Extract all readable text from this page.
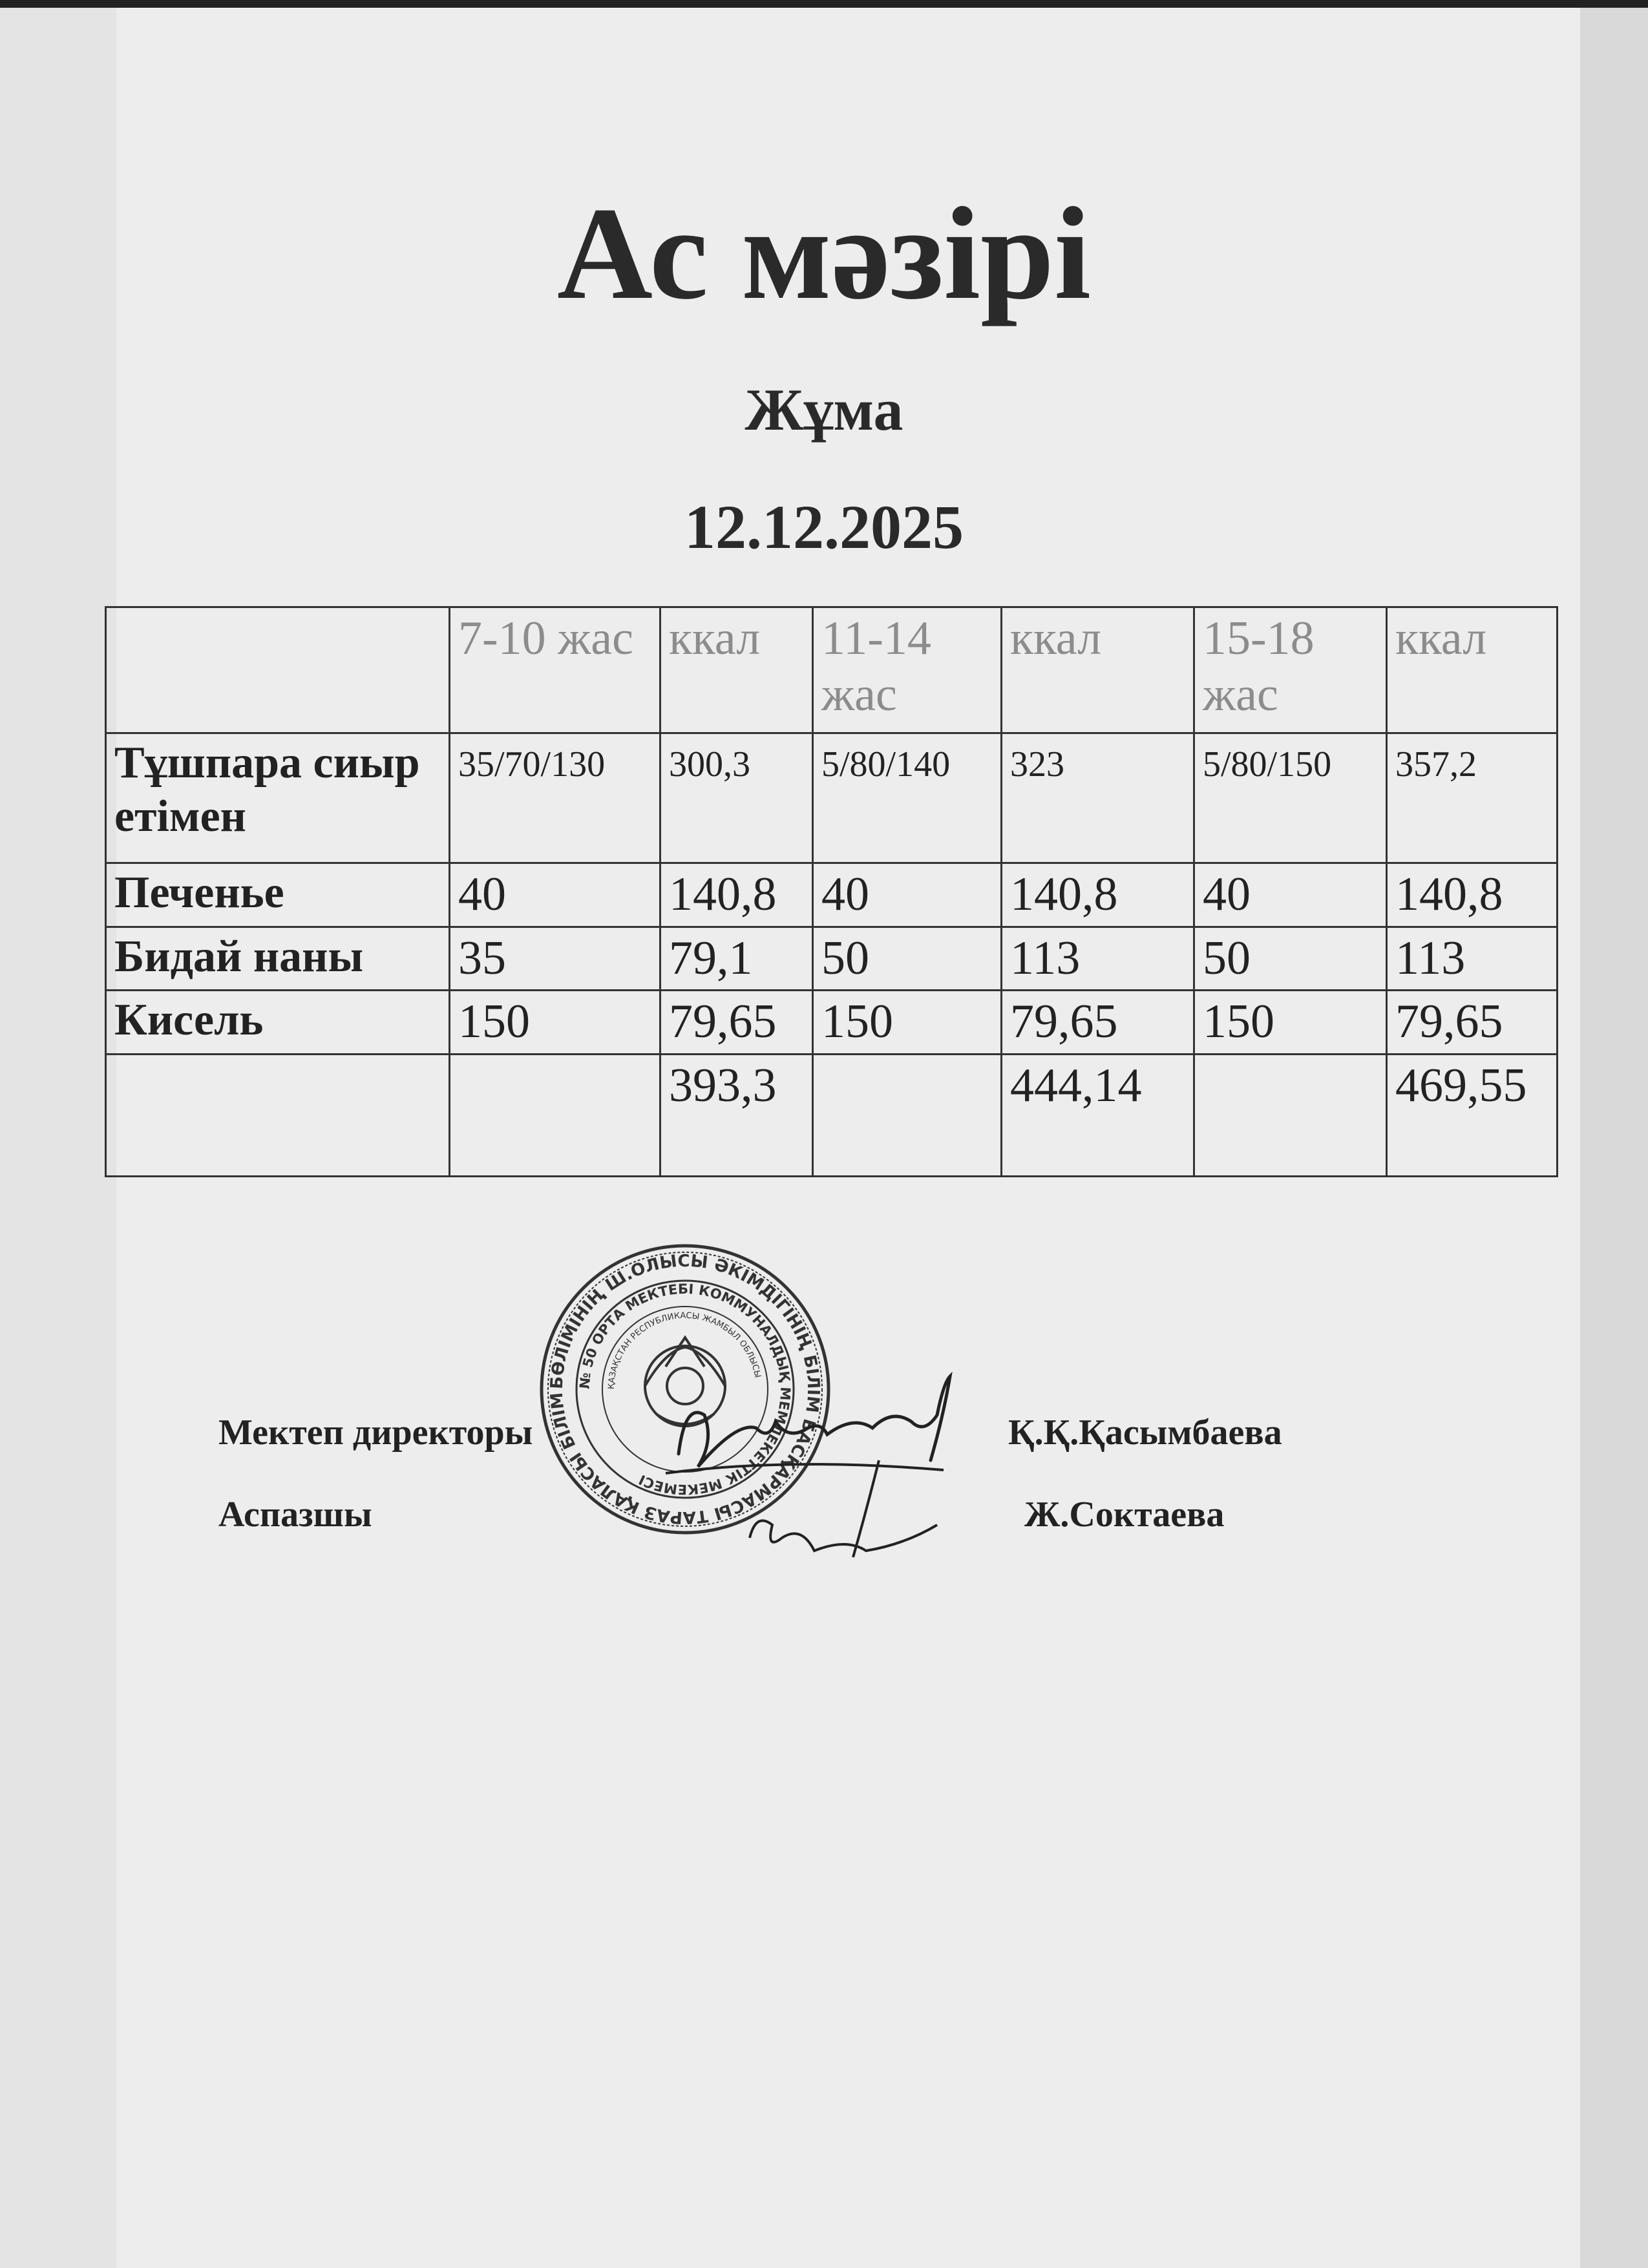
Ас мәзірі
Жұма
12.12.2025
	7-10 жас	ккал	11-14 жас	ккал	15-18 жас	ккал
Тұшпара сиыр етімен	35/70/130	300,3	5/80/140	323	5/80/150	357,2
Печенье	40	140,8	40	140,8	40	140,8
Бидай наны	35	79,1	50	113	50	113
Кисель	150	79,65	150	79,65	150	79,65
		393,3		444,14		469,55
БӨЛІМІНІҢ Ш.ОЛЫСЫ ӘКІМДІГІНІҢ БІЛІМ БАСҚАРМАСЫ ТАРАЗ ҚАЛАСЫ БІЛІМ
№ 50 ОРТА МЕКТЕБІ КОММУНАЛДЫҚ МЕМЛЕКЕТТІК МЕКЕМЕСІ
ҚАЗАҚСТАН РЕСПУБЛИКАСЫ ЖАМБЫЛ ОБЛЫСЫ
Мектеп директоры	Қ.Қ.Қасымбаева
Аспазшы	Ж.Соктаева
